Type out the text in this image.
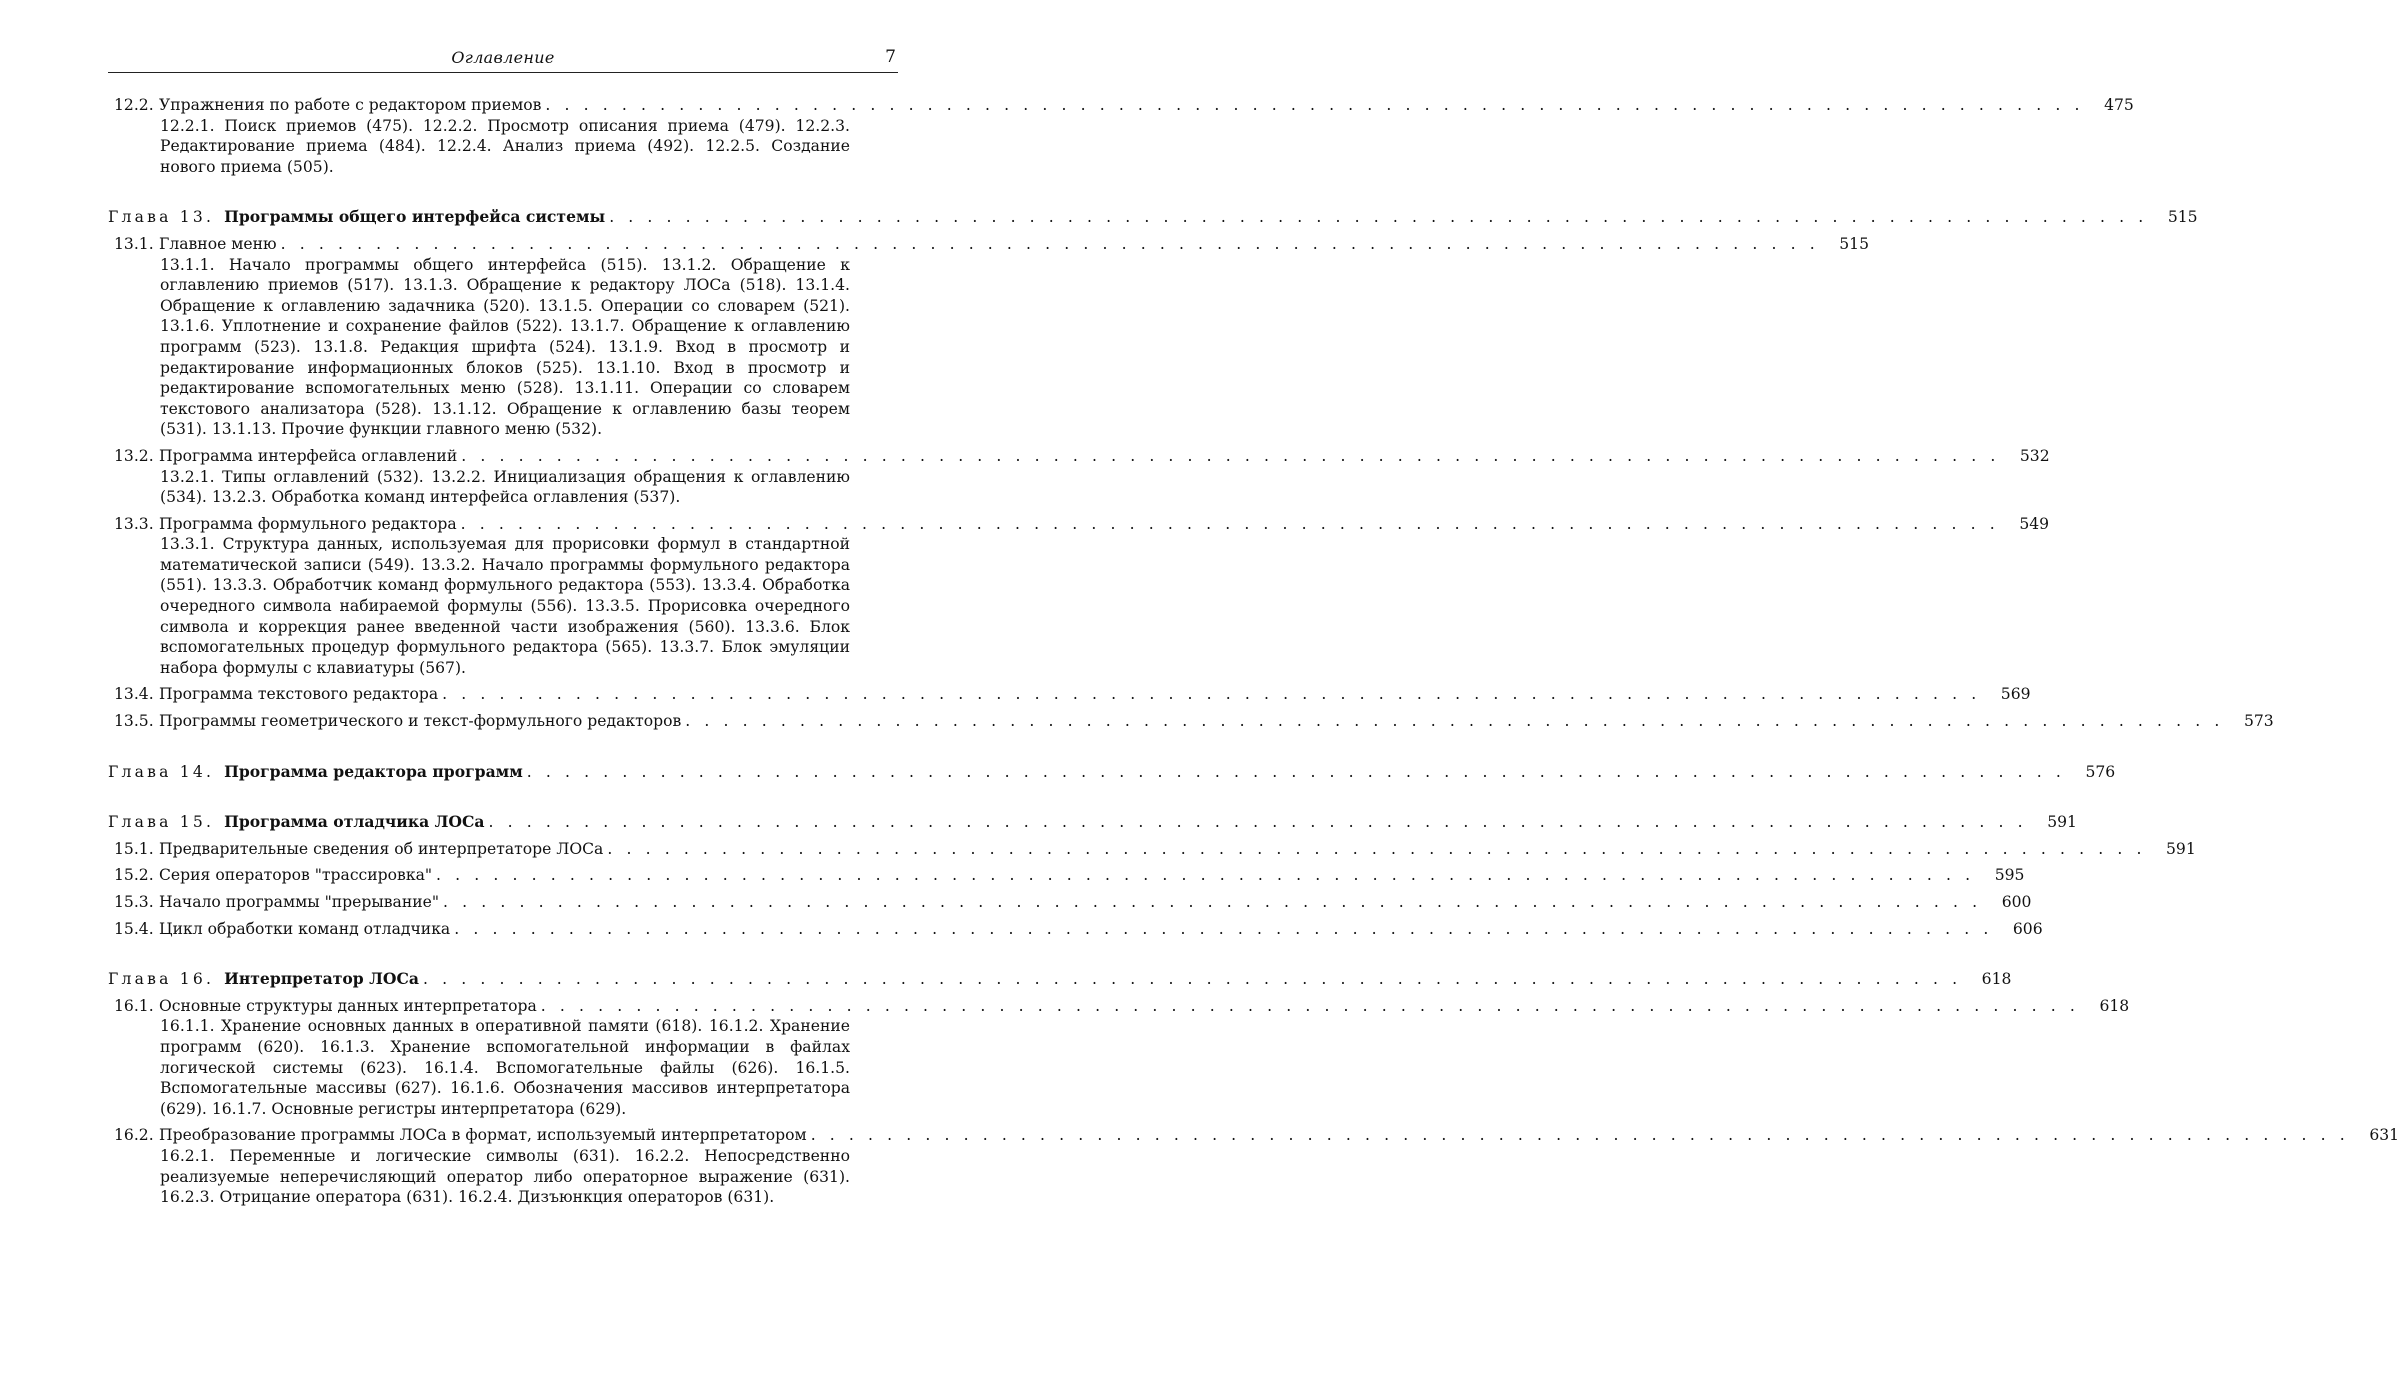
Оглавление	7
12.2. Упражнения по работе с редактором приемов . . . . . . . . . . . . . . . . . . . . . . . . . . . . . . . . . . . . . . . . . . . . . . . . . . . . . . . . . . . . . . . . . . . . . . . . . . . . . . . . . 475
12.2.1. Поиск приемов (475). 12.2.2. Просмотр описания приема (479). 12.2.3. Редактирование приема (484). 12.2.4. Анализ приема (492). 12.2.5. Создание нового приема (505).
Глава 13. Программы общего интерфейса системы . . . . . . . . . . . . . . . . . . . . . . . . . . . . . . . . . . . . . . . . . . . . . . . . . . . . . . . . . . . . . . . . . . . . . . . . . . . . . . . . . 515
13.1. Главное меню . . . . . . . . . . . . . . . . . . . . . . . . . . . . . . . . . . . . . . . . . . . . . . . . . . . . . . . . . . . . . . . . . . . . . . . . . . . . . . . . . 515
13.1.1. Начало программы общего интерфейса (515). 13.1.2. Обращение к оглавлению приемов (517). 13.1.3. Обращение к редактору ЛОСа (518). 13.1.4. Обращение к оглавлению задачника (520). 13.1.5. Операции со словарем (521). 13.1.6. Уплотнение и сохранение файлов (522). 13.1.7. Обращение к оглавлению программ (523). 13.1.8. Редакция шрифта (524). 13.1.9. Вход в просмотр и редактирование информационных блоков (525). 13.1.10. Вход в просмотр и редактирование вспомогательных меню (528). 13.1.11. Операции со словарем текстового анализатора (528). 13.1.12. Обращение к оглавлению базы теорем (531). 13.1.13. Прочие функции главного меню (532).
13.2. Программа интерфейса оглавлений . . . . . . . . . . . . . . . . . . . . . . . . . . . . . . . . . . . . . . . . . . . . . . . . . . . . . . . . . . . . . . . . . . . . . . . . . . . . . . . . . 532
13.2.1. Типы оглавлений (532). 13.2.2. Инициализация обращения к оглавлению (534). 13.2.3. Обработка команд интерфейса оглавления (537).
13.3. Программа формульного редактора . . . . . . . . . . . . . . . . . . . . . . . . . . . . . . . . . . . . . . . . . . . . . . . . . . . . . . . . . . . . . . . . . . . . . . . . . . . . . . . . . 549
13.3.1. Структура данных, используемая для прорисовки формул в стандартной математической записи (549). 13.3.2. Начало программы формульного редактора (551). 13.3.3. Обработчик команд формульного редактора (553). 13.3.4. Обработка очередного символа набираемой формулы (556). 13.3.5. Прорисовка очередного символа и коррекция ранее введенной части изображения (560). 13.3.6. Блок вспомогательных процедур формульного редактора (565). 13.3.7. Блок эмуляции набора формулы с клавиатуры (567).
13.4. Программа текстового редактора . . . . . . . . . . . . . . . . . . . . . . . . . . . . . . . . . . . . . . . . . . . . . . . . . . . . . . . . . . . . . . . . . . . . . . . . . . . . . . . . . 569
13.5. Программы геометрического и текст-формульного редакторов . . . . . . . . . . . . . . . . . . . . . . . . . . . . . . . . . . . . . . . . . . . . . . . . . . . . . . . . . . . . . . . . . . . . . . . . . . . . . . . . . 573
Глава 14. Программа редактора программ . . . . . . . . . . . . . . . . . . . . . . . . . . . . . . . . . . . . . . . . . . . . . . . . . . . . . . . . . . . . . . . . . . . . . . . . . . . . . . . . . 576
Глава 15. Программа отладчика ЛОСа . . . . . . . . . . . . . . . . . . . . . . . . . . . . . . . . . . . . . . . . . . . . . . . . . . . . . . . . . . . . . . . . . . . . . . . . . . . . . . . . . 591
15.1. Предварительные сведения об интерпретаторе ЛОСа . . . . . . . . . . . . . . . . . . . . . . . . . . . . . . . . . . . . . . . . . . . . . . . . . . . . . . . . . . . . . . . . . . . . . . . . . . . . . . . . . 591
15.2. Серия операторов "трассировка" . . . . . . . . . . . . . . . . . . . . . . . . . . . . . . . . . . . . . . . . . . . . . . . . . . . . . . . . . . . . . . . . . . . . . . . . . . . . . . . . . 595
15.3. Начало программы "прерывание" . . . . . . . . . . . . . . . . . . . . . . . . . . . . . . . . . . . . . . . . . . . . . . . . . . . . . . . . . . . . . . . . . . . . . . . . . . . . . . . . . 600
15.4. Цикл обработки команд отладчика . . . . . . . . . . . . . . . . . . . . . . . . . . . . . . . . . . . . . . . . . . . . . . . . . . . . . . . . . . . . . . . . . . . . . . . . . . . . . . . . . 606
Глава 16. Интерпретатор ЛОСа . . . . . . . . . . . . . . . . . . . . . . . . . . . . . . . . . . . . . . . . . . . . . . . . . . . . . . . . . . . . . . . . . . . . . . . . . . . . . . . . . 618
16.1. Основные структуры данных интерпретатора . . . . . . . . . . . . . . . . . . . . . . . . . . . . . . . . . . . . . . . . . . . . . . . . . . . . . . . . . . . . . . . . . . . . . . . . . . . . . . . . . 618
16.1.1. Хранение основных данных в оперативной памяти (618). 16.1.2. Хранение программ (620). 16.1.3. Хранение вспомогательной информации в файлах логической системы (623). 16.1.4. Вспомогательные файлы (626). 16.1.5. Вспомогательные массивы (627). 16.1.6. Обозначения массивов интерпретатора (629). 16.1.7. Основные регистры интерпретатора (629).
16.2. Преобразование программы ЛОСа в формат, используемый интерпретатором . . . . . . . . . . . . . . . . . . . . . . . . . . . . . . . . . . . . . . . . . . . . . . . . . . . . . . . . . . . . . . . . . . . . . . . . . . . . . . . . . 631
16.2.1. Переменные и логические символы (631). 16.2.2. Непосредственно реализуемые неперечисляющий оператор либо операторное выражение (631). 16.2.3. Отрицание оператора (631). 16.2.4. Дизъюнкция операторов (631).
